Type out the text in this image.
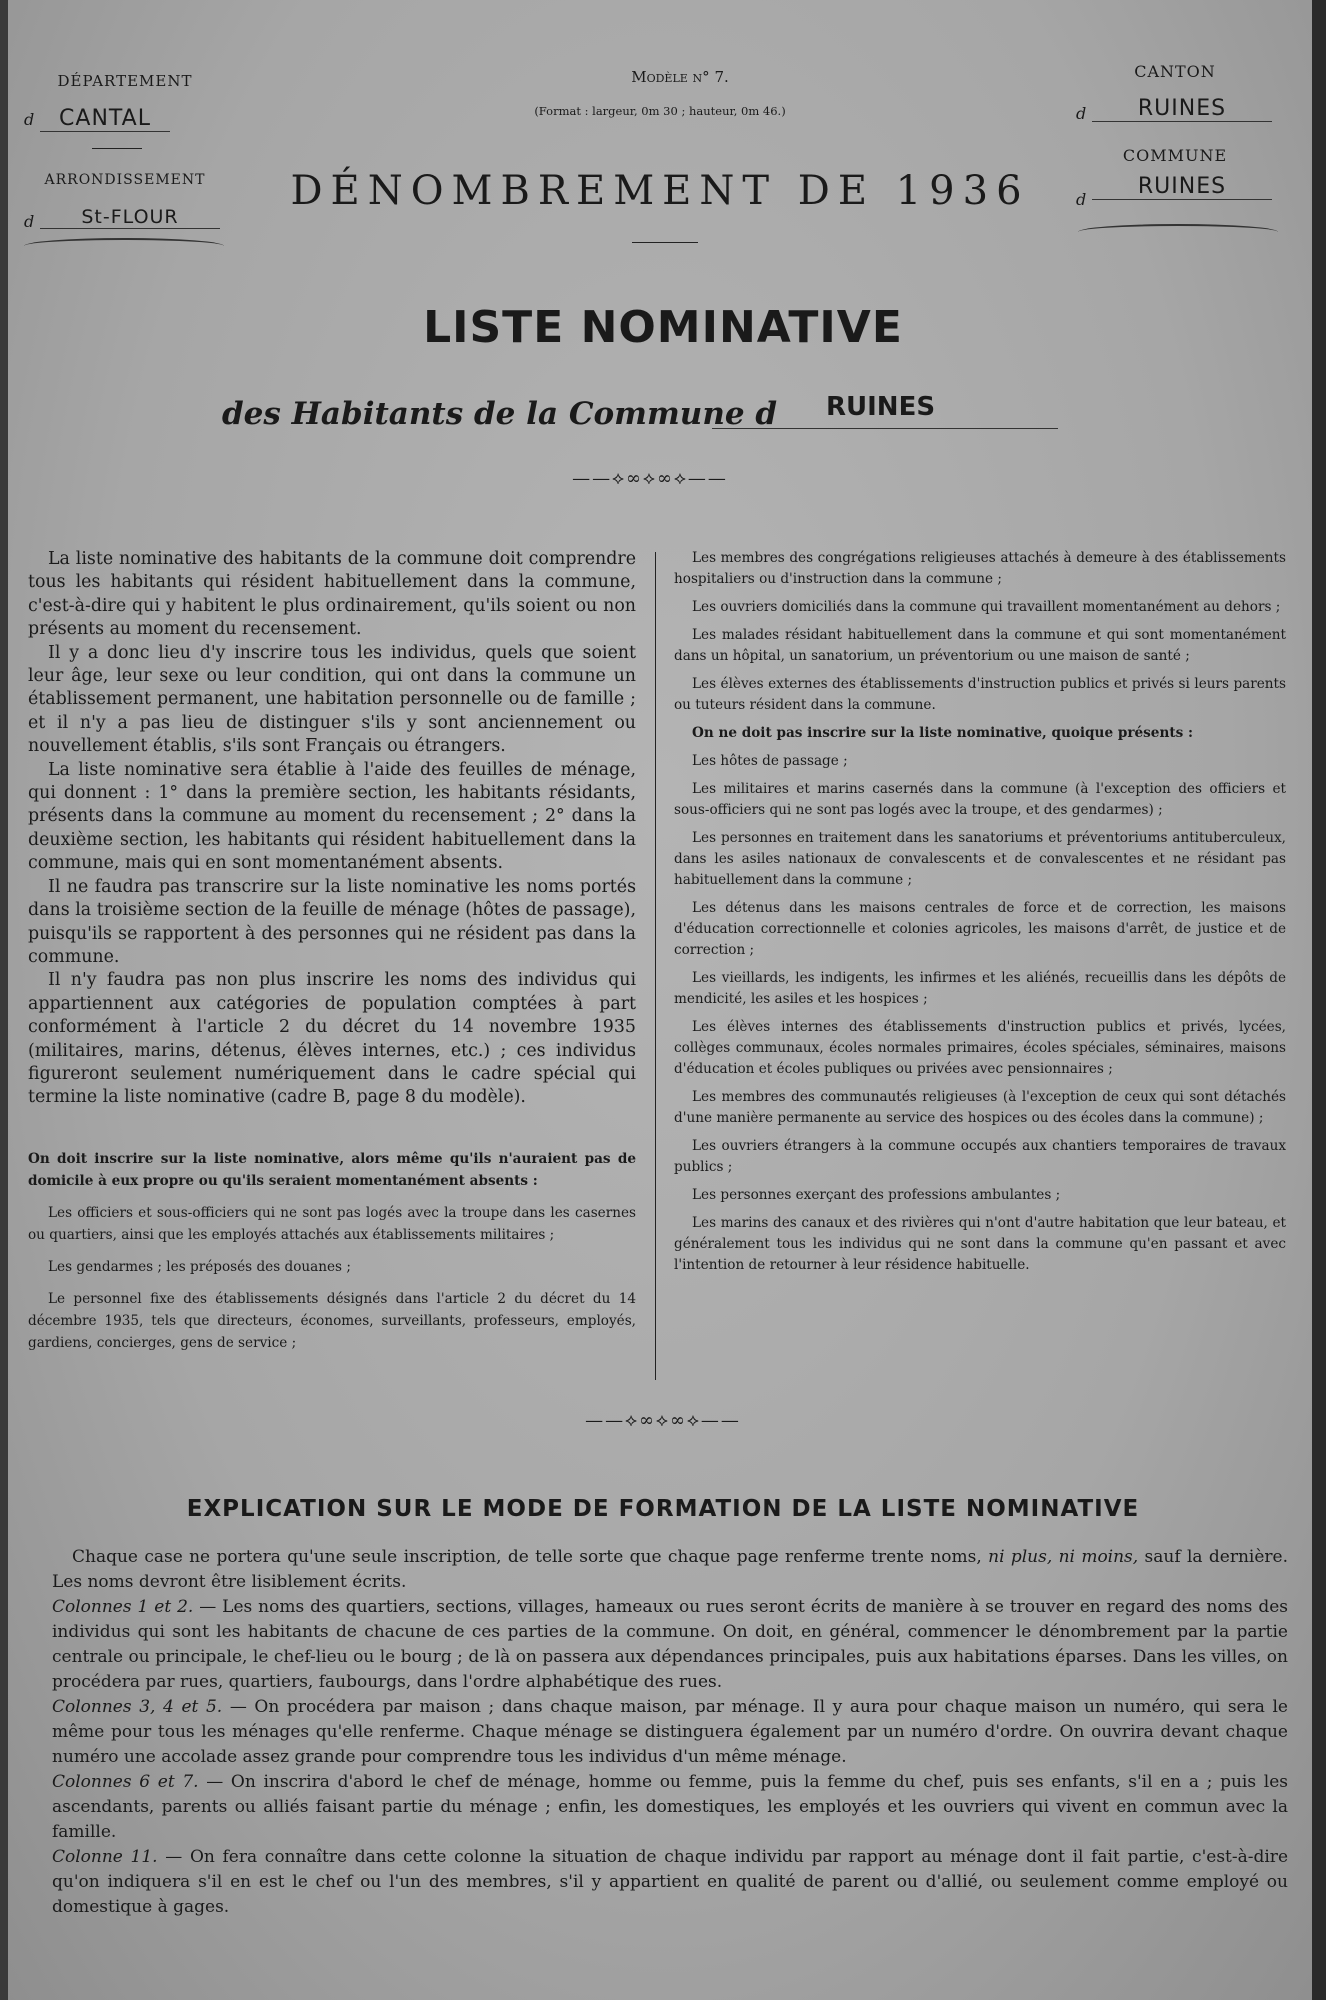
DÉPARTEMENT
d	CANTAL
ARRONDISSEMENT
d	St-FLOUR
Modèle n° 7.
(Format : largeur, 0m 30 ; hauteur, 0m 46.)
DÉNOMBREMENT DE 1936
CANTON
d	RUINES
COMMUNE
d
RUINES
LISTE NOMINATIVE
des Habitants de la Commune d RUINES
——⟡∞⟡∞⟡——

La liste nominative des habitants de la commune doit comprendre tous les habitants qui résident habituellement dans la commune, c'est-à-dire qui y habitent le plus ordinairement, qu'ils soient ou non présents au moment du recensement.

Il y a donc lieu d'y inscrire tous les individus, quels que soient leur âge, leur sexe ou leur condition, qui ont dans la commune un établissement permanent, une habitation personnelle ou de famille ; et il n'y a pas lieu de distinguer s'ils y sont anciennement ou nouvellement établis, s'ils sont Français ou étrangers.

La liste nominative sera établie à l'aide des feuilles de ménage, qui donnent : 1° dans la première section, les habitants résidants, présents dans la commune au moment du recensement ; 2° dans la deuxième section, les habitants qui résident habituellement dans la commune, mais qui en sont momentanément absents.

Il ne faudra pas transcrire sur la liste nominative les noms portés dans la troisième section de la feuille de ménage (hôtes de passage), puisqu'ils se rapportent à des personnes qui ne résident pas dans la commune.

Il n'y faudra pas non plus inscrire les noms des individus qui appartiennent aux catégories de population comptées à part conformément à l'article 2 du décret du 14 novembre 1935 (militaires, marins, détenus, élèves internes, etc.) ; ces individus figureront seulement numériquement dans le cadre spécial qui termine la liste nominative (cadre B, page 8 du modèle).

On doit inscrire sur la liste nominative, alors même qu'ils n'auraient pas de domicile à eux propre ou qu'ils seraient momentanément absents :

Les officiers et sous-officiers qui ne sont pas logés avec la troupe dans les casernes ou quartiers, ainsi que les employés attachés aux établissements militaires ;

Les gendarmes ; les préposés des douanes ;

Le personnel fixe des établissements désignés dans l'article 2 du décret du 14 décembre 1935, tels que directeurs, économes, surveillants, professeurs, employés, gardiens, concierges, gens de service ;

Les membres des congrégations religieuses attachés à demeure à des établissements hospitaliers ou d'instruction dans la commune ;

Les ouvriers domiciliés dans la commune qui travaillent momentanément au dehors ;

Les malades résidant habituellement dans la commune et qui sont momentanément dans un hôpital, un sanatorium, un préventorium ou une maison de santé ;

Les élèves externes des établissements d'instruction publics et privés si leurs parents ou tuteurs résident dans la commune.

On ne doit pas inscrire sur la liste nominative, quoique présents :

Les hôtes de passage ;

Les militaires et marins casernés dans la commune (à l'exception des officiers et sous-officiers qui ne sont pas logés avec la troupe, et des gendarmes) ;

Les personnes en traitement dans les sanatoriums et préventoriums antituberculeux, dans les asiles nationaux de convalescents et de convalescentes et ne résidant pas habituellement dans la commune ;

Les détenus dans les maisons centrales de force et de correction, les maisons d'éducation correctionnelle et colonies agricoles, les maisons d'arrêt, de justice et de correction ;

Les vieillards, les indigents, les infirmes et les aliénés, recueillis dans les dépôts de mendicité, les asiles et les hospices ;

Les élèves internes des établissements d'instruction publics et privés, lycées, collèges communaux, écoles normales primaires, écoles spéciales, séminaires, maisons d'éducation et écoles publiques ou privées avec pensionnaires ;

Les membres des communautés religieuses (à l'exception de ceux qui sont détachés d'une manière permanente au service des hospices ou des écoles dans la commune) ;

Les ouvriers étrangers à la commune occupés aux chantiers temporaires de travaux publics ;

Les personnes exerçant des professions ambulantes ;

Les marins des canaux et des rivières qui n'ont d'autre habitation que leur bateau, et généralement tous les individus qui ne sont dans la commune qu'en passant et avec l'intention de retourner à leur résidence habituelle.

——⟡∞⟡∞⟡——
EXPLICATION SUR LE MODE DE FORMATION DE LA LISTE NOMINATIVE

Chaque case ne portera qu'une seule inscription, de telle sorte que chaque page renferme trente noms, ni plus, ni moins, sauf la dernière. Les noms devront être lisiblement écrits.

Colonnes 1 et 2. — Les noms des quartiers, sections, villages, hameaux ou rues seront écrits de manière à se trouver en regard des noms des individus qui sont les habitants de chacune de ces parties de la commune. On doit, en général, commencer le dénombrement par la partie centrale ou principale, le chef-lieu ou le bourg ; de là on passera aux dépendances principales, puis aux habitations éparses. Dans les villes, on procédera par rues, quartiers, faubourgs, dans l'ordre alphabétique des rues.

Colonnes 3, 4 et 5. — On procédera par maison ; dans chaque maison, par ménage. Il y aura pour chaque maison un numéro, qui sera le même pour tous les ménages qu'elle renferme. Chaque ménage se distinguera également par un numéro d'ordre. On ouvrira devant chaque numéro une accolade assez grande pour comprendre tous les individus d'un même ménage.

Colonnes 6 et 7. — On inscrira d'abord le chef de ménage, homme ou femme, puis la femme du chef, puis ses enfants, s'il en a ; puis les ascendants, parents ou alliés faisant partie du ménage ; enfin, les domestiques, les employés et les ouvriers qui vivent en commun avec la famille.

Colonne 11. — On fera connaître dans cette colonne la situation de chaque individu par rapport au ménage dont il fait partie, c'est-à-dire qu'on indiquera s'il en est le chef ou l'un des membres, s'il y appartient en qualité de parent ou d'allié, ou seulement comme employé ou domestique à gages.
